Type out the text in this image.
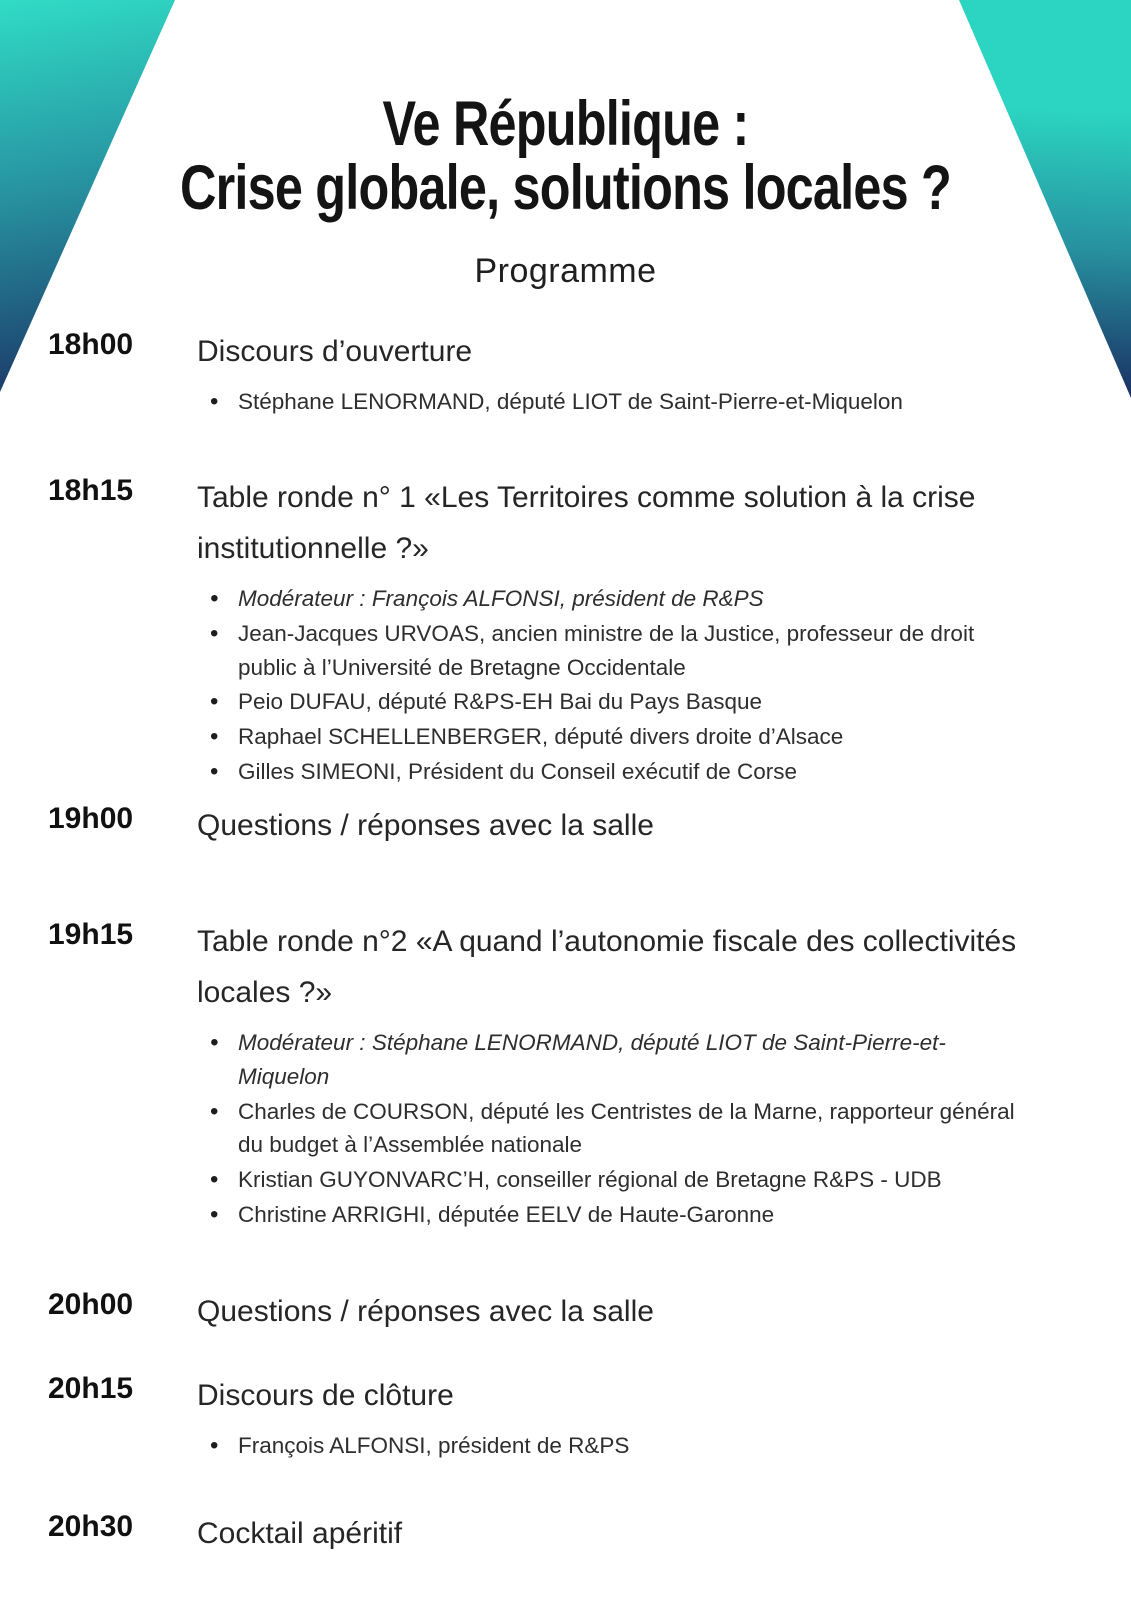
Ve République :
Crise globale, solutions locales ?
Programme
18h00	Discours d’ouverture
• Stéphane LENORMAND, député LIOT de Saint-Pierre-et-Miquelon
18h15	Table ronde n° 1 «Les Territoires comme solution à la crise institutionnelle ?»
• Modérateur : François ALFONSI, président de R&PS
• Jean-Jacques URVOAS, ancien ministre de la Justice, professeur de droit public à l’Université de Bretagne Occidentale
• Peio DUFAU, député R&PS-EH Bai du Pays Basque
• Raphael SCHELLENBERGER, député divers droite d’Alsace
• Gilles SIMEONI, Président du Conseil exécutif de Corse
19h00	Questions / réponses avec la salle
19h15	Table ronde n°2 «A quand l’autonomie fiscale des collectivités locales ?»
• Modérateur : Stéphane LENORMAND, député LIOT de Saint-Pierre-et-Miquelon
• Charles de COURSON, député les Centristes de la Marne, rapporteur général du budget à l’Assemblée nationale
• Kristian GUYONVARC’H, conseiller régional de Bretagne R&PS - UDB
• Christine ARRIGHI, députée EELV de Haute-Garonne
20h00	Questions / réponses avec la salle
20h15	Discours de clôture
• François ALFONSI, président de R&PS
20h30	Cocktail apéritif
